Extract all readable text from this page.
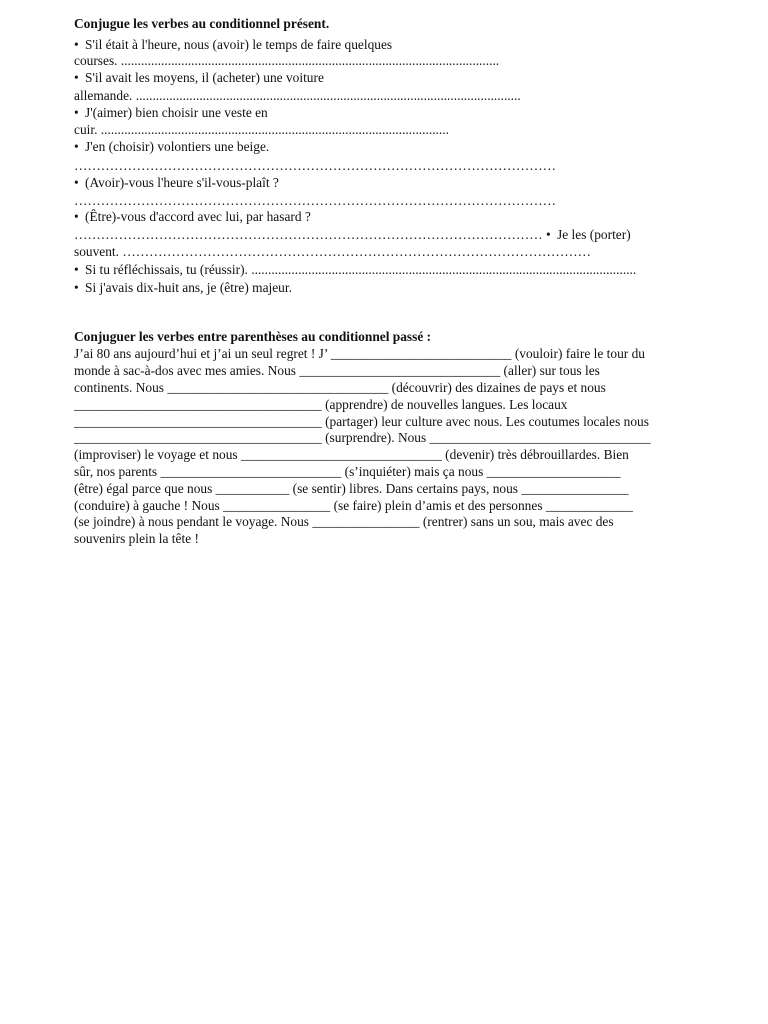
Conjugue les verbes au conditionnel présent.

• S'il était à l'heure, nous (avoir) le temps de faire quelques

courses. .................................................................................................................

• S'il avait les moyens, il (acheter) une voiture

allemande. ...................................................................................................................

• J'(aimer) bien choisir une veste en

cuir. ........................................................................................................

• J'en (choisir) volontiers une beige.

………………………………………………………………………………………………

• (Avoir)-vous l'heure s'il-vous-plaît ?

………………………………………………………………………………………………

• (Être)-vous d'accord avec lui, par hasard ?

…………………………………………………………………………………………… • Je les (porter)

souvent. ……………………………………………………………………………………………

• Si tu réfléchissais, tu (réussir). ...................................................................................................................

• Si j'avais dix-huit ans, je (être) majeur.

Conjuguer les verbes entre parenthèses au conditionnel passé :

J’ai 80 ans aujourd’hui et j’ai un seul regret ! J’ ___________________________ (vouloir) faire le tour du

monde à sac-à-dos avec mes amies. Nous ______________________________ (aller) sur tous les

continents. Nous _________________________________ (découvrir) des dizaines de pays et nous

_____________________________________ (apprendre) de nouvelles langues. Les locaux

_____________________________________ (partager) leur culture avec nous. Les coutumes locales nous

_____________________________________ (surprendre). Nous _________________________________

(improviser) le voyage et nous ______________________________ (devenir) très débrouillardes. Bien

sûr, nos parents ___________________________ (s’inquiéter) mais ça nous ____________________

(être) égal parce que nous ___________ (se sentir) libres. Dans certains pays, nous ________________

(conduire) à gauche ! Nous ________________ (se faire) plein d’amis et des personnes _____________

(se joindre) à nous pendant le voyage. Nous ________________ (rentrer) sans un sou, mais avec des

souvenirs plein la tête !
